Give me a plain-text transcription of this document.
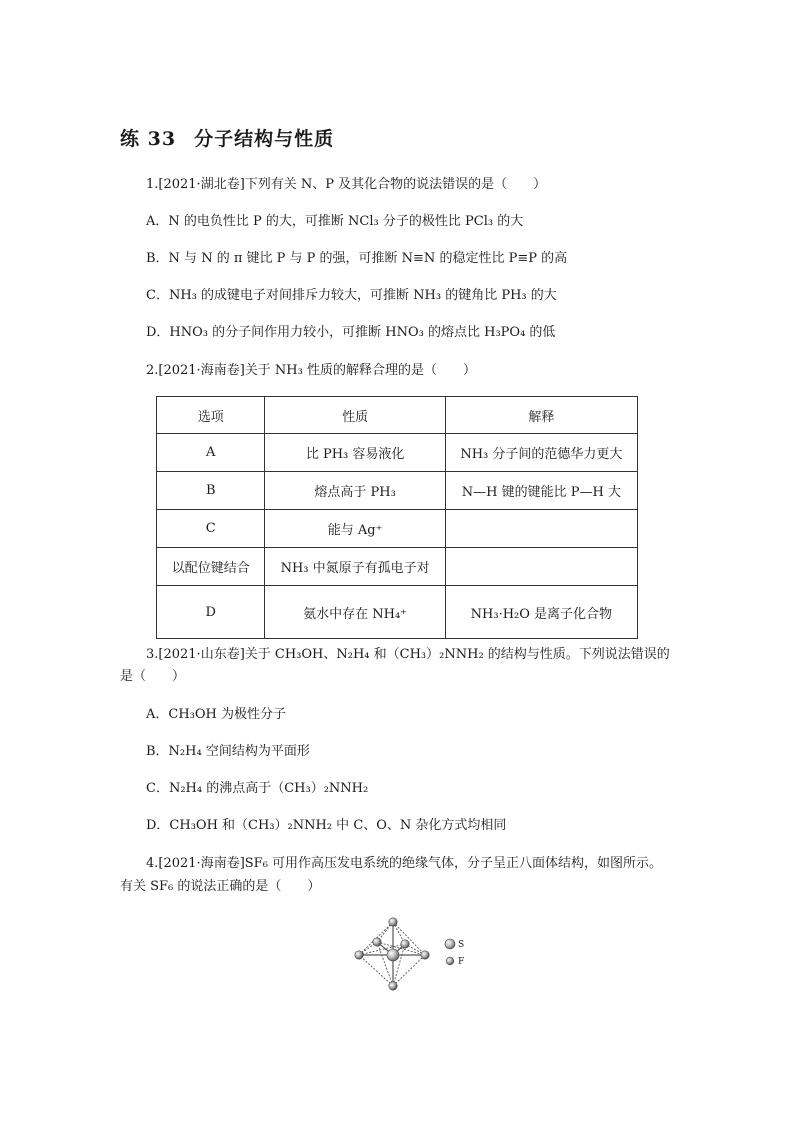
练 33 分子结构与性质
1.[2021·湖北卷]下列有关 N、P 及其化合物的说法错误的是（　　）
A．N 的电负性比 P 的大，可推断 NCl₃ 分子的极性比 PCl₃ 的大
B．N 与 N 的 π 键比 P 与 P 的强，可推断 N≡N 的稳定性比 P≡P 的高
C．NH₃ 的成键电子对间排斥力较大，可推断 NH₃ 的键角比 PH₃ 的大
D．HNO₃ 的分子间作用力较小，可推断 HNO₃ 的熔点比 H₃PO₄ 的低
2.[2021·海南卷]关于 NH₃ 性质的解释合理的是（　　）
选项	性质	解释
A	比 PH₃ 容易液化	NH₃ 分子间的范德华力更大
B	熔点高于 PH₃	N—H 键的键能比 P—H 大
C	能与 Ag⁺	
以配位键结合	NH₃ 中氮原子有孤电子对	
D	氨水中存在 NH₄⁺	NH₃·H₂O 是离子化合物
3.[2021·山东卷]关于 CH₃OH、N₂H₄ 和（CH₃）₂NNH₂ 的结构与性质。下列说法错误的
是（　　）
A．CH₃OH 为极性分子
B．N₂H₄ 空间结构为平面形
C．N₂H₄ 的沸点高于（CH₃）₂NNH₂
D．CH₃OH 和（CH₃）₂NNH₂ 中 C、O、N 杂化方式均相同
4.[2021·海南卷]SF₆ 可用作高压发电系统的绝缘气体，分子呈正八面体结构，如图所示。
有关 SF₆ 的说法正确的是（　　）
S
F
